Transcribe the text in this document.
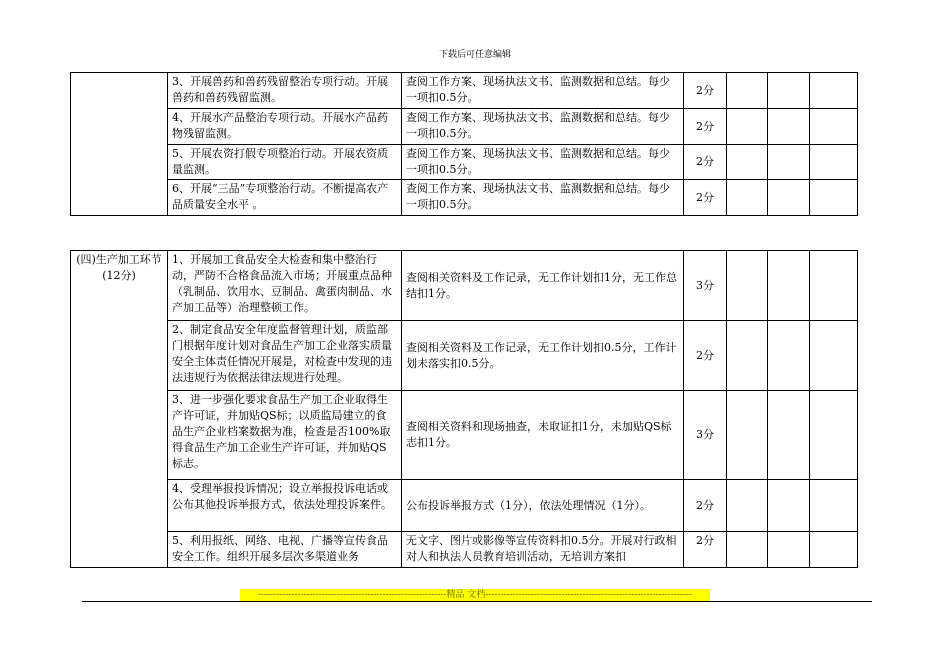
下载后可任意编辑
	3、开展兽药和兽药残留整治专项行动。开展兽药和兽药残留监测。	查阅工作方案、现场执法文书、监测数据和总结。每少一项扣0.5分。	2分			
	4、开展水产品整治专项行动。开展水产品药物残留监测。	查阅工作方案、现场执法文书、监测数据和总结。每少一项扣0.5分。	2分			
	5、开展农资打假专项整治行动。开展农资质量监测。	查阅工作方案、现场执法文书、监测数据和总结。每少一项扣0.5分。	2分			
	6、开展“三品”专项整治行动。不断提高农产品质量安全水平 。	查阅工作方案、现场执法文书、监测数据和总结。每少一项扣0.5分。	2分			
(四)生产加工环节(12分)	1、开展加工食品安全大检查和集中整治行动，严防不合格食品流入市场；开展重点品种（乳制品、饮用水、豆制品、禽蛋肉制品、水产加工品等）治理整顿工作。	查阅相关资料及工作记录，无工作计划扣1分，无工作总结扣1分。	3分			
	2、制定食品安全年度监督管理计划，质监部门根据年度计划对食品生产加工企业落实质量安全主体责任情况开展是，对检查中发现的违法违规行为依据法律法规进行处理。	查阅相关资料及工作记录，无工作计划扣0.5分，工作计划未落实扣0.5分。	2分			
	3、进一步强化要求食品生产加工企业取得生产许可证，并加贴QS标；以质监局建立的食品生产企业档案数据为准，检查是否100%取得食品生产加工企业生产许可证，并加贴QS标志。	查阅相关资料和现场抽查，未取证扣1分，未加贴QS标志扣1分。	3分			
	4、受理举报投诉情况；设立举报投诉电话或公布其他投诉举报方式，依法处理投诉案件。	公布投诉举报方式（1分），依法处理情况（1分）。	2分			
	5、利用报纸、网络、电视、广播等宣传食品安全工作。组织开展多层次多渠道业务	无文字、图片或影像等宣传资料扣0.5分。开展对行政相对人和执法人员教育培训活动，无培训方案扣	2分			
--------------------------------------------------------------精品 文档--------------------------------------------------------------------
